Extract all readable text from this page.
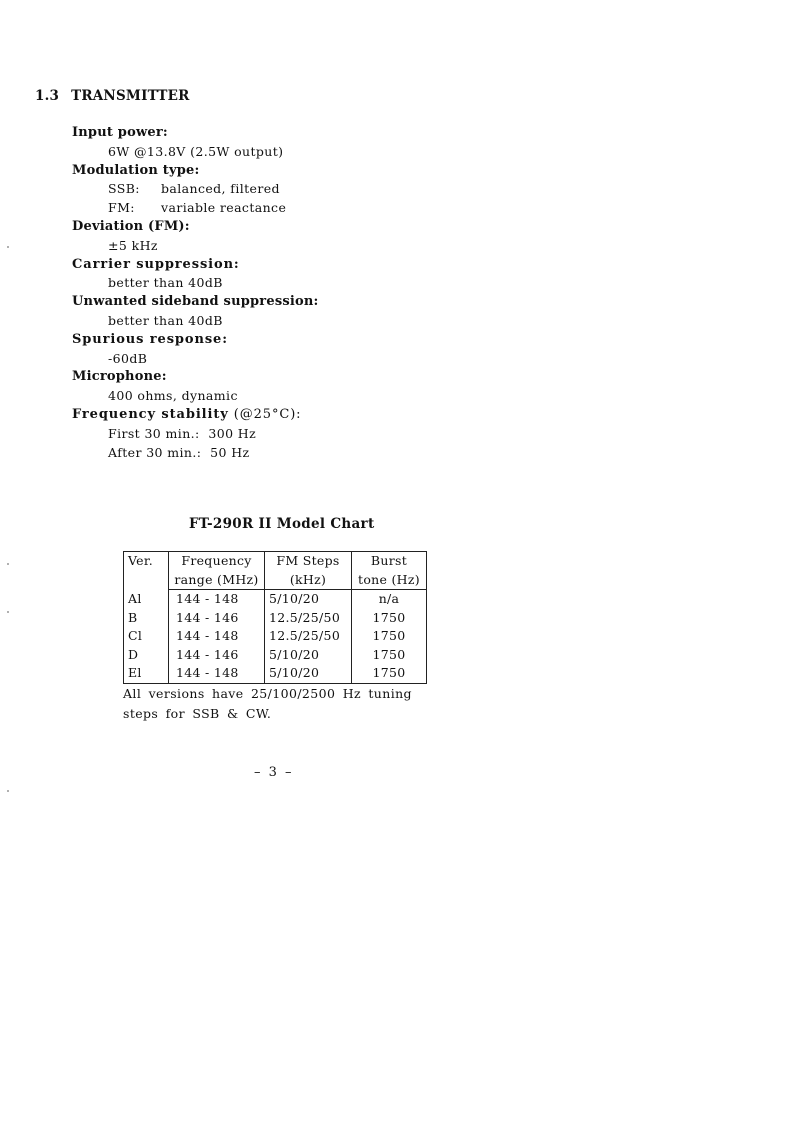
1.3 TRANSMITTER
Input power:
6W @13.8V (2.5W output)
Modulation type:
SSB: balanced, filtered
FM: variable reactance
Deviation (FM):
±5 kHz
Carrier suppression:
better than 40dB
Unwanted sideband suppression:
better than 40dB
Spurious response:
-60dB
Microphone:
400 ohms, dynamic
Frequency stability (@25°C):
First 30 min.: 300 Hz
After 30 min.: 50 Hz
FT-290R II Model Chart
Ver.	Frequency	FM Steps	Burst
	range (MHz)	(kHz)	tone (Hz)
Al	144 - 148	5/10/20	n/a
B	144 - 146	12.5/25/50	1750
Cl	144 - 148	12.5/25/50	1750
D	144 - 146	5/10/20	1750
El	144 - 148	5/10/20	1750
All versions have 25/100/2500 Hz tuning steps for SSB & CW.
– 3 –
